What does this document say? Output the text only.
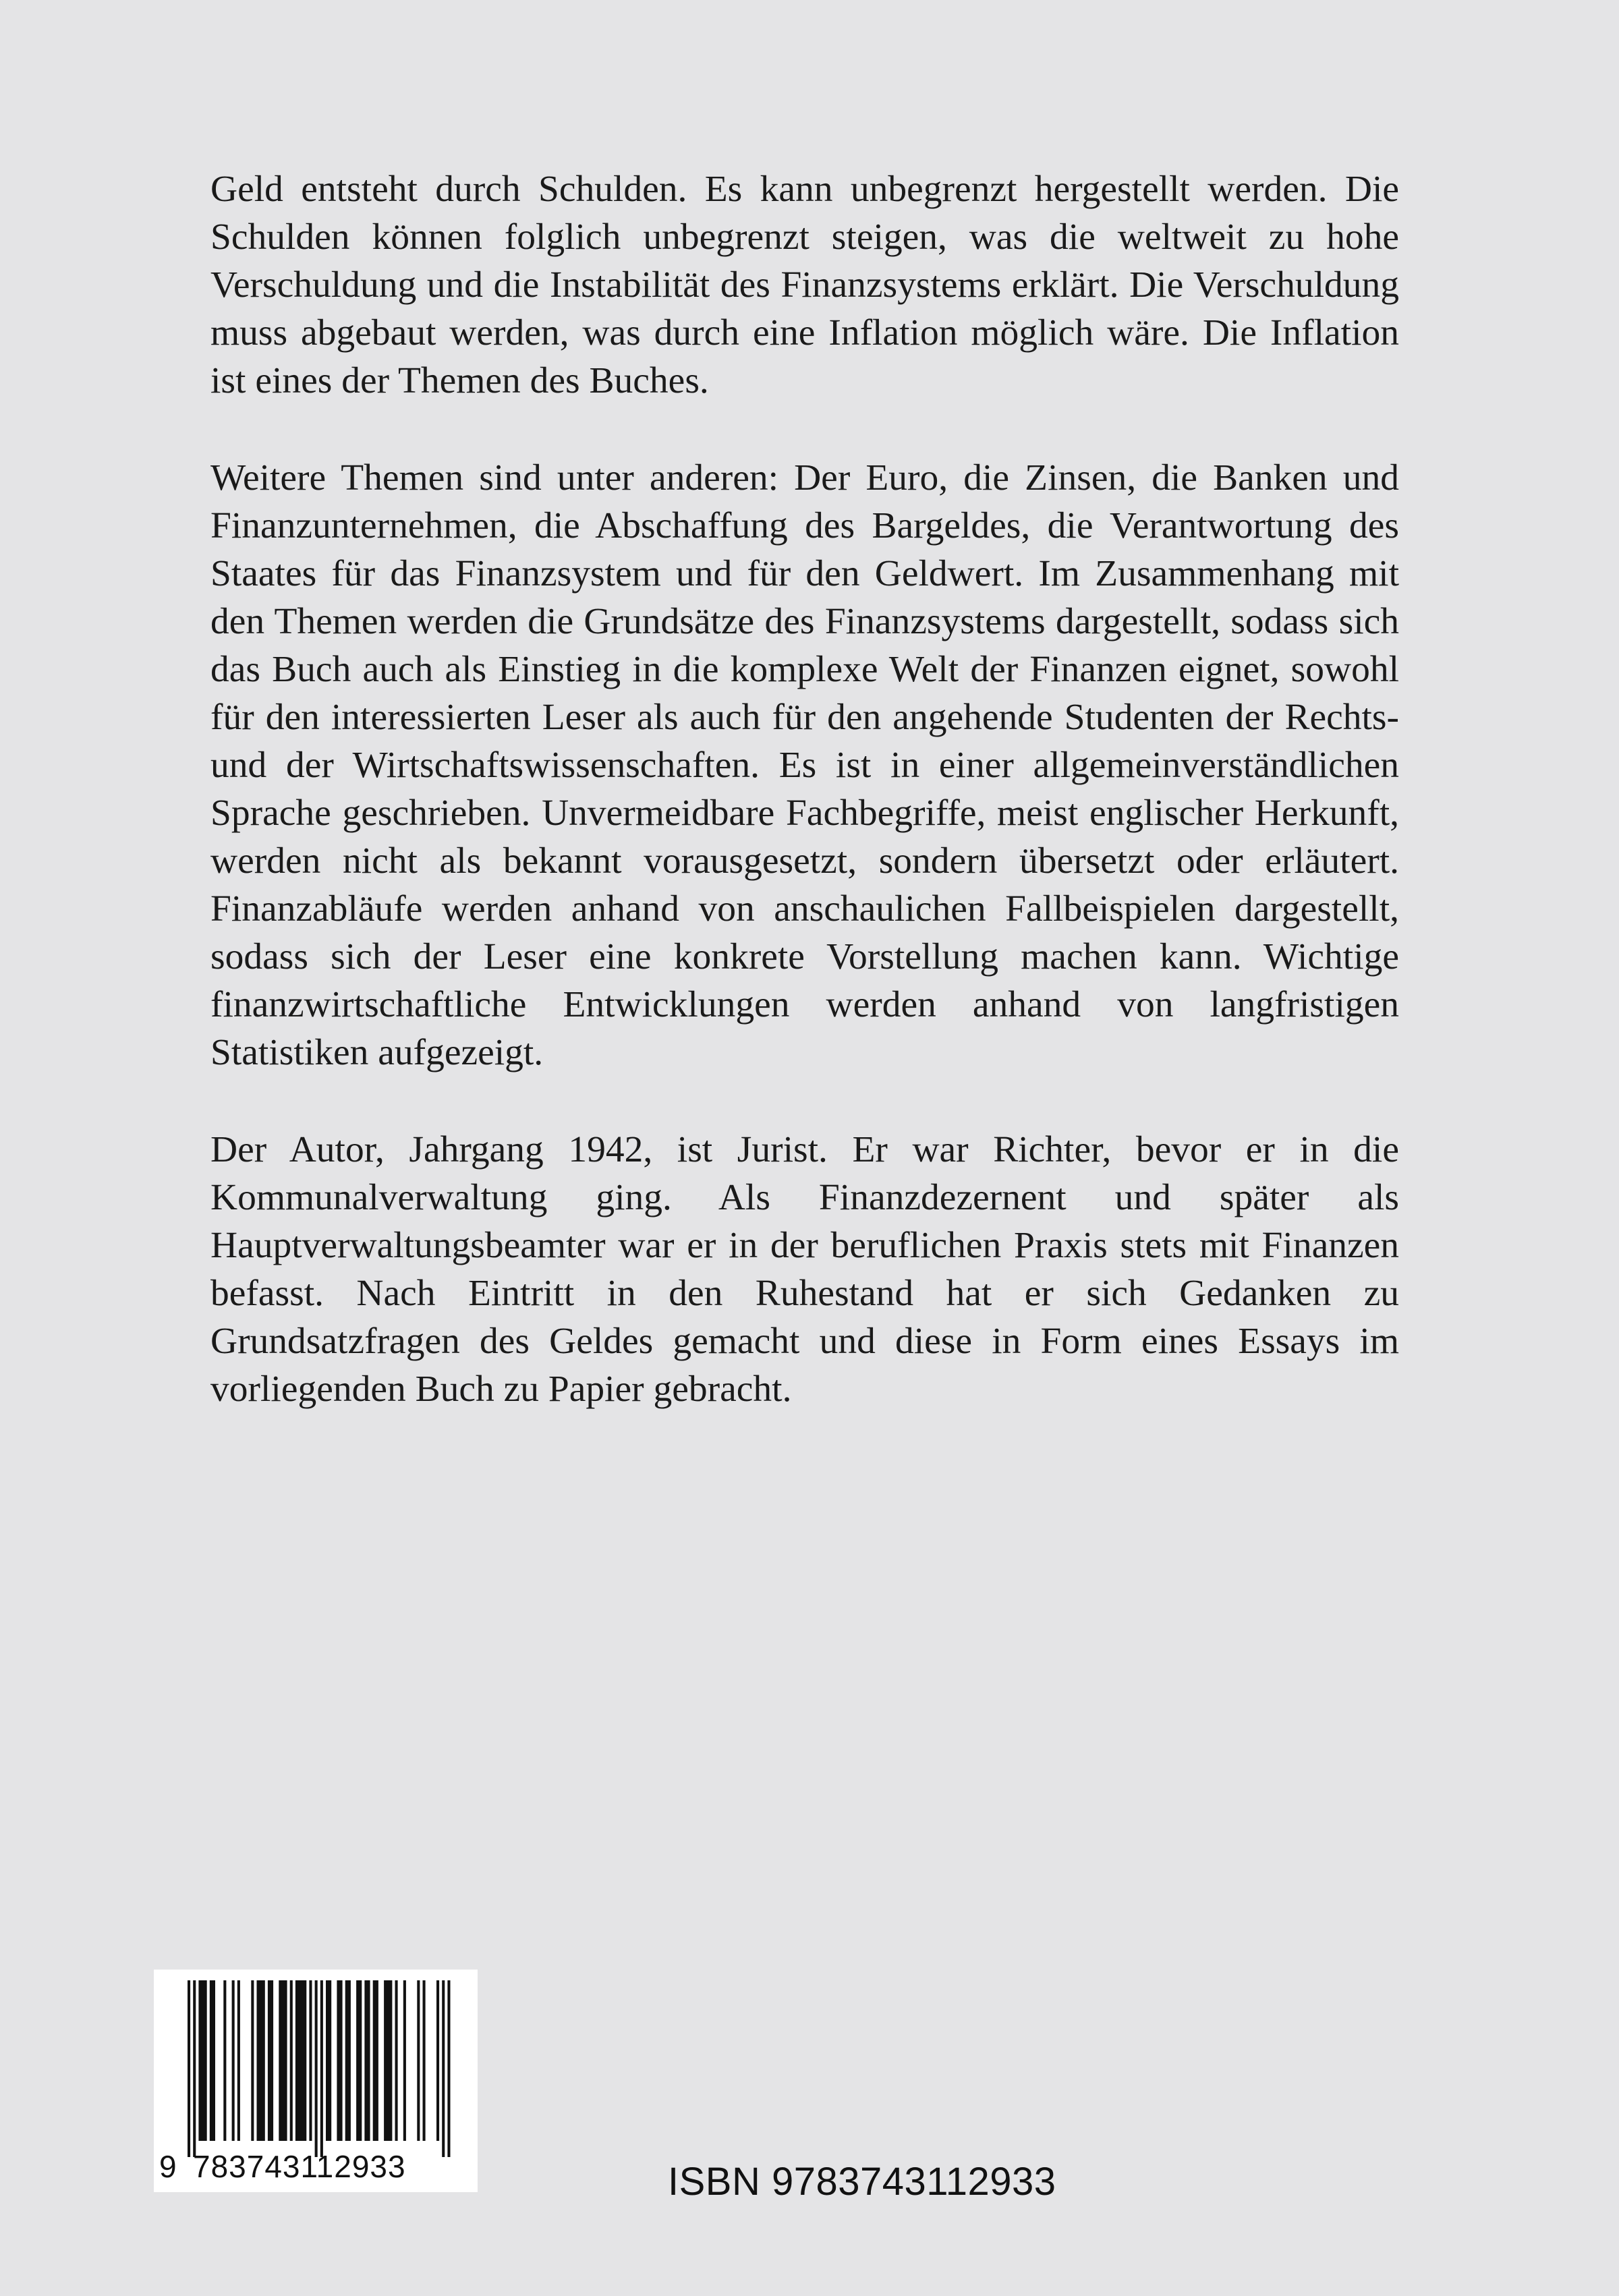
Geld entsteht durch Schulden. Es kann unbegrenzt hergestellt werden. Die Schulden können folglich unbegrenzt steigen, was die weltweit zu hohe Verschuldung und die Instabilität des Finanzsystems erklärt. Die Verschuldung muss abgebaut werden, was durch eine Inflation möglich wäre. Die Inflation ist eines der Themen des Buches.

Weitere Themen sind unter anderen: Der Euro, die Zinsen, die Banken und Finanzunternehmen, die Abschaffung des Bargeldes, die Verantwortung des Staates für das Finanzsystem und für den Geldwert. Im Zusammenhang mit den Themen werden die Grundsätze des Finanzsystems dargestellt, sodass sich das Buch auch als Einstieg in die komplexe Welt der Finanzen eignet, sowohl für den interessierten Leser als auch für den angehende Studenten der Rechts- und der Wirtschaftswissenschaften. Es ist in einer allgemeinverständlichen Sprache geschrieben. Unvermeidbare Fachbegriffe, meist englischer Herkunft, werden nicht als bekannt vorausgesetzt, sondern übersetzt oder erläutert. Finanzabläufe werden anhand von anschaulichen Fallbeispielen dargestellt, sodass sich der Leser eine konkrete Vorstellung machen kann. Wichtige finanzwirtschaftliche Entwicklungen werden anhand von langfristigen Statistiken aufgezeigt.

Der Autor, Jahrgang 1942, ist Jurist. Er war Richter, bevor er in die Kommunalverwaltung ging. Als Finanzdezernent und später als Hauptverwaltungsbeamter war er in der beruflichen Praxis stets mit Finanzen befasst. Nach Eintritt in den Ruhestand hat er sich Gedanken zu Grundsatzfragen des Geldes gemacht und diese in Form eines Essays im vorliegenden Buch zu Papier gebracht.

9 783743112933	ISBN 9783743112933
